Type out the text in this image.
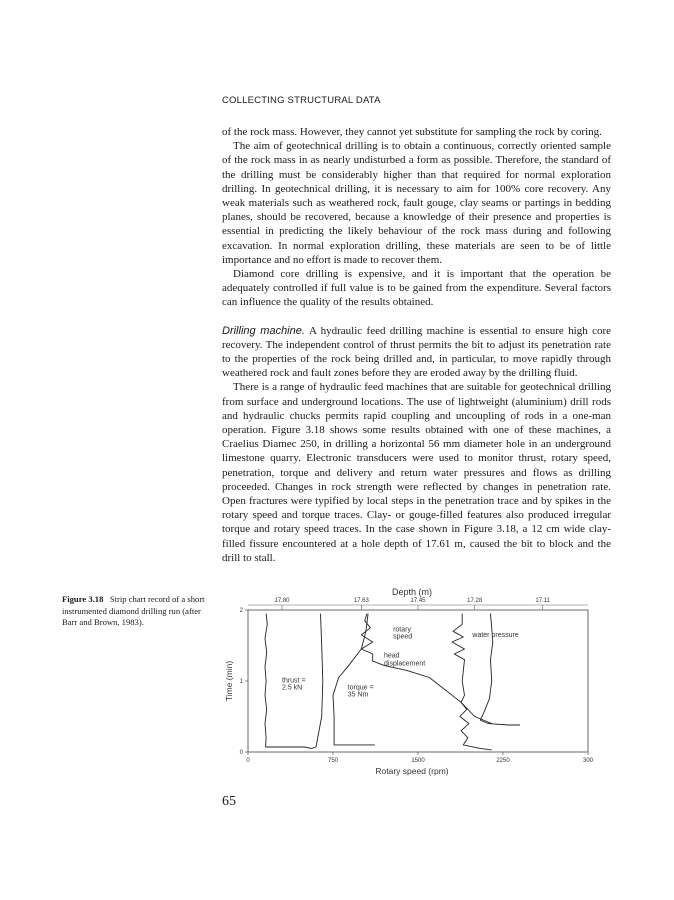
COLLECTING STRUCTURAL DATA

of the rock mass. However, they cannot yet substitute for sampling the rock by coring.

The aim of geotechnical drilling is to obtain a continuous, correctly oriented sample of the rock mass in as nearly undisturbed a form as possible. Therefore, the standard of the drilling must be considerably higher than that required for normal exploration drilling. In geotechnical drilling, it is necessary to aim for 100% core recovery. Any weak materials such as weathered rock, fault gouge, clay seams or partings in bedding planes, should be recovered, because a knowledge of their presence and properties is essential in predicting the likely behaviour of the rock mass during and following excavation. In normal exploration drilling, these materials are seen to be of little importance and no effort is made to recover them.

Diamond core drilling is expensive, and it is important that the operation be adequately controlled if full value is to be gained from the expenditure. Several factors can influence the quality of the results obtained.

Drilling machine. A hydraulic feed drilling machine is essential to ensure high core recovery. The independent control of thrust permits the bit to adjust its penetration rate to the properties of the rock being drilled and, in particular, to move rapidly through weathered rock and fault zones before they are eroded away by the drilling fluid.

There is a range of hydraulic feed machines that are suitable for geotechnical drilling from surface and underground locations. The use of lightweight (aluminium) drill rods and hydraulic chucks permits rapid coupling and uncoupling of rods in a one-man operation. Figure 3.18 shows some results obtained with one of these machines, a Craelius Diamec 250, in drilling a horizontal 56 mm diameter hole in an underground limestone quarry. Electronic transducers were used to monitor thrust, rotary speed, penetration, torque and delivery and return water pressures and flows as drilling proceeded. Changes in rock strength were reflected by changes in penetration rate. Open fractures were typified by local steps in the penetration trace and by spikes in the rotary speed and torque traces. Clay- or gouge-filled features also produced irregular torque and rotary speed traces. In the case shown in Figure 3.18, a 12 cm wide clay-filled fissure encountered at a hole depth of 17.61 m, caused the bit to block and the drill to stall.

Figure 3.18 Strip chart record of a short instrumented diamond drilling run (after Barr and Brown, 1983).
Depth (m)
17.80	17.63	17.45	17.28	17.11
0	750	1500	2250	300
0
1
2
rotary
speed	water pressure
head
displacement
thrust =
2.5 kN	torque =
35 Nm
Rotary speed (rpm)
Time (min)
65
